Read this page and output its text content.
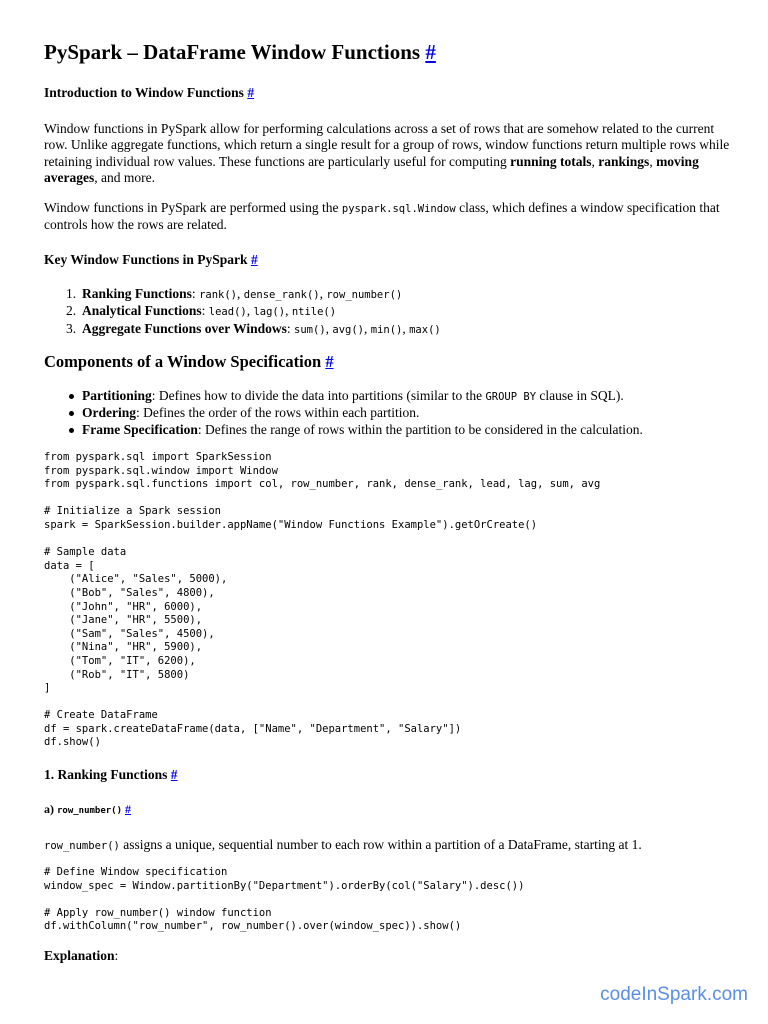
PySpark – DataFrame Window Functions #
Introduction to Window Functions #

Window functions in PySpark allow for performing calculations across a set of rows that are somehow related to the current row. Unlike aggregate functions, which return a single result for a group of rows, window functions return multiple rows while retaining individual row values. These functions are particularly useful for computing running totals, rankings, moving averages, and more.

Window functions in PySpark are performed using the pyspark.sql.Window class, which defines a window specification that controls how the rows are related.

Key Window Functions in PySpark #
1. Ranking Functions: rank(), dense_rank(), row_number()
2. Analytical Functions: lead(), lag(), ntile()
3. Aggregate Functions over Windows: sum(), avg(), min(), max()
Components of a Window Specification #
Partitioning: Defines how to divide the data into partitions (similar to the GROUP BY clause in SQL).
Ordering: Defines the order of the rows within each partition.
Frame Specification: Defines the range of rows within the partition to be considered in the calculation.
from pyspark.sql import SparkSession
from pyspark.sql.window import Window
from pyspark.sql.functions import col, row_number, rank, dense_rank, lead, lag, sum, avg

# Initialize a Spark session
spark = SparkSession.builder.appName("Window Functions Example").getOrCreate()

# Sample data
data = [
("Alice", "Sales", 5000),
("Bob", "Sales", 4800),
("John", "HR", 6000),
("Jane", "HR", 5500),
("Sam", "Sales", 4500),
("Nina", "HR", 5900),
("Tom", "IT", 6200),
("Rob", "IT", 5800)
]

# Create DataFrame
df = spark.createDataFrame(data, ["Name", "Department", "Salary"])
df.show()
1. Ranking Functions #
a) row_number() #

row_number() assigns a unique, sequential number to each row within a partition of a DataFrame, starting at 1.

# Define Window specification
window_spec = Window.partitionBy("Department").orderBy(col("Salary").desc())

# Apply row_number() window function
df.withColumn("row_number", row_number().over(window_spec)).show()

Explanation:

codeInSpark.com
